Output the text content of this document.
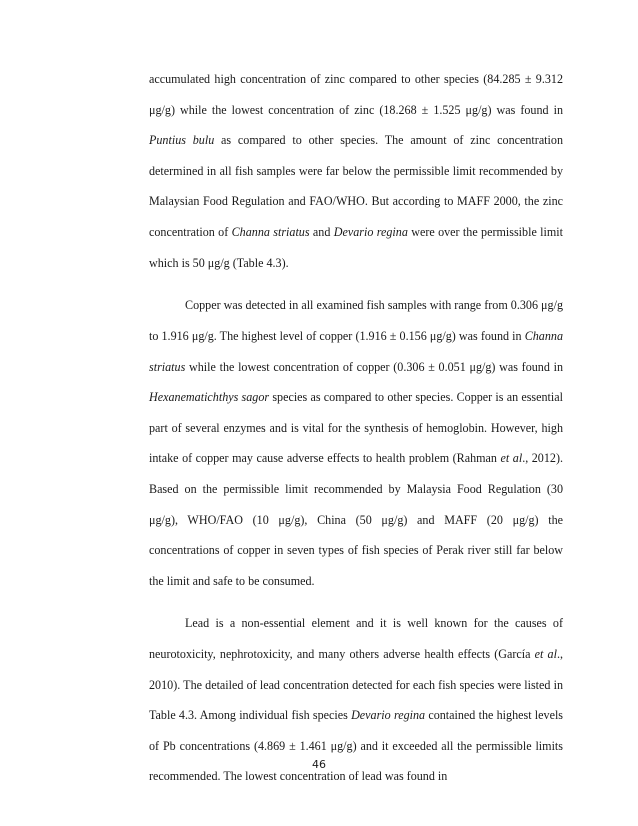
accumulated high concentration of zinc compared to other species (84.285 ± 9.312 μg/g) while the lowest concentration of zinc (18.268 ± 1.525 μg/g) was found in Puntius bulu as compared to other species. The amount of zinc concentration determined in all fish samples were far below the permissible limit recommended by Malaysian Food Regulation and FAO/WHO. But according to MAFF 2000, the zinc concentration of Channa striatus and Devario regina were over the permissible limit which is 50 μg/g (Table 4.3).

Copper was detected in all examined fish samples with range from 0.306 μg/g to 1.916 μg/g. The highest level of copper (1.916 ± 0.156 μg/g) was found in Channa striatus while the lowest concentration of copper (0.306 ± 0.051 μg/g) was found in Hexanematichthys sagor species as compared to other species. Copper is an essential part of several enzymes and is vital for the synthesis of hemoglobin. However, high intake of copper may cause adverse effects to health problem (Rahman et al., 2012). Based on the permissible limit recommended by Malaysia Food Regulation (30 μg/g), WHO/FAO (10 μg/g), China (50 μg/g) and MAFF (20 μg/g) the concentrations of copper in seven types of fish species of Perak river still far below the limit and safe to be consumed.

Lead is a non-essential element and it is well known for the causes of neurotoxicity, nephrotoxicity, and many others adverse health effects (García et al., 2010). The detailed of lead concentration detected for each fish species were listed in Table 4.3. Among individual fish species Devario regina contained the highest levels of Pb concentrations (4.869 ± 1.461 μg/g) and it exceeded all the permissible limits recommended. The lowest concentration of lead was found in

46
